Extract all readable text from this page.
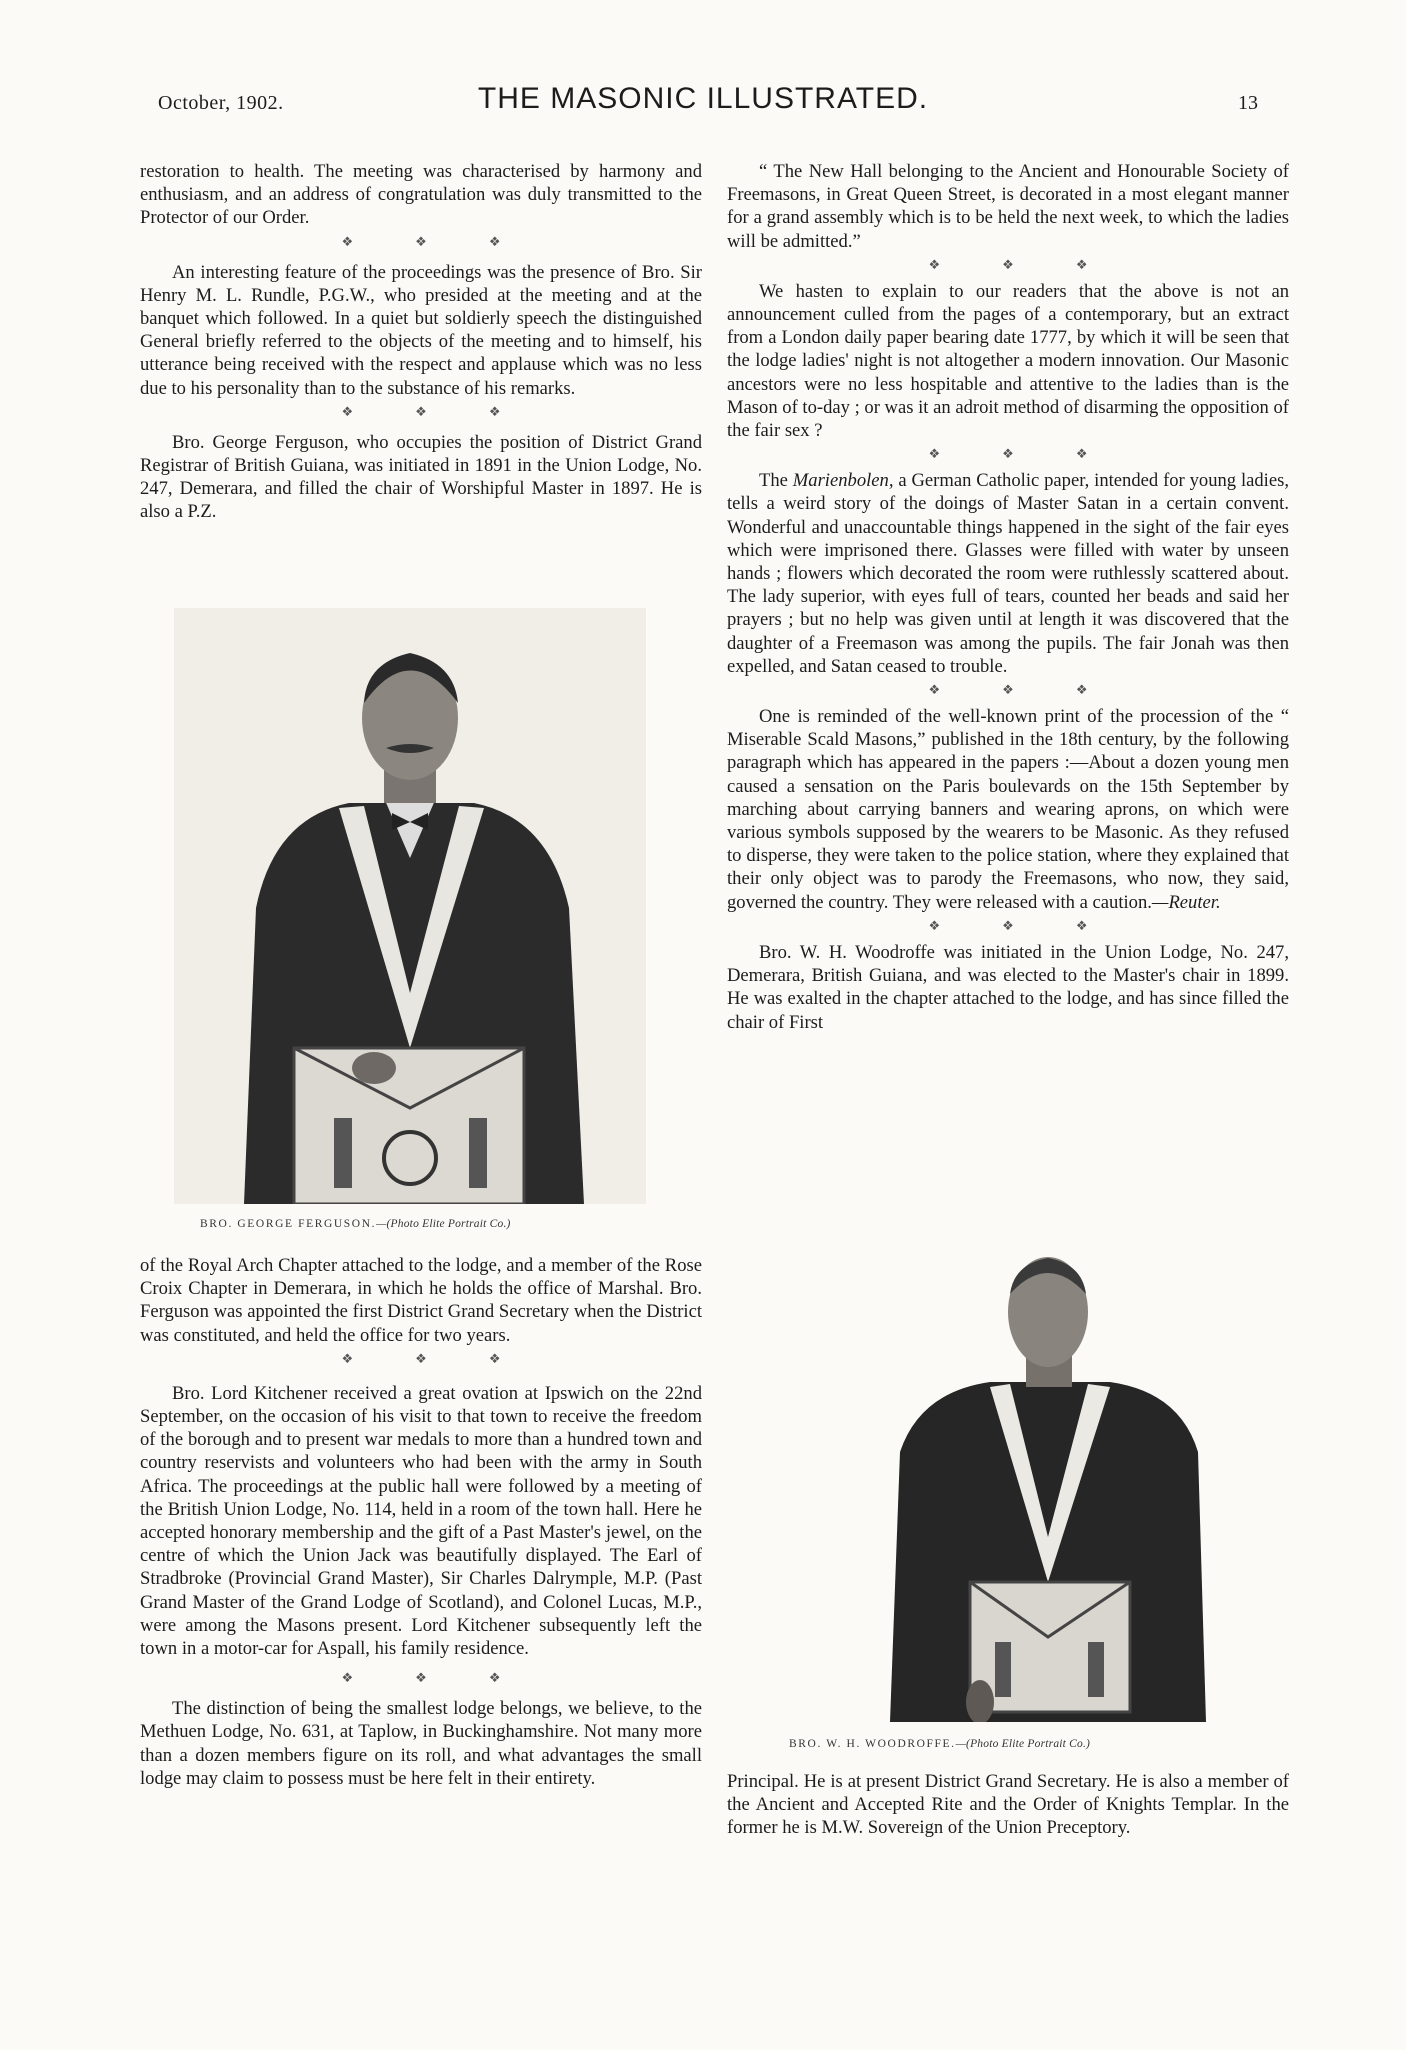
October, 1902.	THE MASONIC ILLUSTRATED.	13

restoration to health. The meeting was characterised by harmony and enthusiasm, and an address of congratulation was duly transmitted to the Protector of our Order.

❖	❖	❖

An interesting feature of the proceedings was the presence of Bro. Sir Henry M. L. Rundle, P.G.W., who presided at the meeting and at the banquet which followed. In a quiet but soldierly speech the distinguished General briefly referred to the objects of the meeting and to himself, his utterance being received with the respect and applause which was no less due to his personality than to the substance of his remarks.

❖	❖	❖

Bro. George Ferguson, who occupies the position of District Grand Registrar of British Guiana, was initiated in 1891 in the Union Lodge, No. 247, Demerara, and filled the chair of Worshipful Master in 1897. He is also a P.Z.

BRO. GEORGE FERGUSON.—(Photo Elite Portrait Co.)

of the Royal Arch Chapter attached to the lodge, and a member of the Rose Croix Chapter in Demerara, in which he holds the office of Marshal. Bro. Ferguson was appointed the first District Grand Secretary when the District was constituted, and held the office for two years.

❖	❖	❖

Bro. Lord Kitchener received a great ovation at Ipswich on the 22nd September, on the occasion of his visit to that town to receive the freedom of the borough and to present war medals to more than a hundred town and country reservists and volunteers who had been with the army in South Africa. The proceedings at the public hall were followed by a meeting of the British Union Lodge, No. 114, held in a room of the town hall. Here he accepted honorary membership and the gift of a Past Master's jewel, on the centre of which the Union Jack was beautifully displayed. The Earl of Stradbroke (Provincial Grand Master), Sir Charles Dalrymple, M.P. (Past Grand Master of the Grand Lodge of Scotland), and Colonel Lucas, M.P., were among the Masons present. Lord Kitchener subsequently left the town in a motor-car for Aspall, his family residence.

❖	❖	❖

The distinction of being the smallest lodge belongs, we believe, to the Methuen Lodge, No. 631, at Taplow, in Buckinghamshire. Not many more than a dozen members figure on its roll, and what advantages the small lodge may claim to possess must be here felt in their entirety.

“ The New Hall belonging to the Ancient and Honourable Society of Freemasons, in Great Queen Street, is decorated in a most elegant manner for a grand assembly which is to be held the next week, to which the ladies will be admitted.”

❖	❖	❖

We hasten to explain to our readers that the above is not an announcement culled from the pages of a contemporary, but an extract from a London daily paper bearing date 1777, by which it will be seen that the lodge ladies' night is not altogether a modern innovation. Our Masonic ancestors were no less hospitable and attentive to the ladies than is the Mason of to-day ; or was it an adroit method of disarming the opposition of the fair sex ?

❖	❖	❖

The Marienbolen, a German Catholic paper, intended for young ladies, tells a weird story of the doings of Master Satan in a certain convent. Wonderful and unaccountable things happened in the sight of the fair eyes which were imprisoned there. Glasses were filled with water by unseen hands ; flowers which decorated the room were ruthlessly scattered about. The lady superior, with eyes full of tears, counted her beads and said her prayers ; but no help was given until at length it was discovered that the daughter of a Freemason was among the pupils. The fair Jonah was then expelled, and Satan ceased to trouble.

❖	❖	❖

One is reminded of the well-known print of the procession of the “ Miserable Scald Masons,” published in the 18th century, by the following paragraph which has appeared in the papers :—About a dozen young men caused a sensation on the Paris boulevards on the 15th September by marching about carrying banners and wearing aprons, on which were various symbols supposed by the wearers to be Masonic. As they refused to disperse, they were taken to the police station, where they explained that their only object was to parody the Freemasons, who now, they said, governed the country. They were released with a caution.—Reuter.

❖	❖	❖

Bro. W. H. Woodroffe was initiated in the Union Lodge, No. 247, Demerara, British Guiana, and was elected to the Master's chair in 1899. He was exalted in the chapter attached to the lodge, and has since filled the chair of First

BRO. W. H. WOODROFFE.—(Photo Elite Portrait Co.)

Principal. He is at present District Grand Secretary. He is also a member of the Ancient and Accepted Rite and the Order of Knights Templar. In the former he is M.W. Sovereign of the Union Preceptory.
